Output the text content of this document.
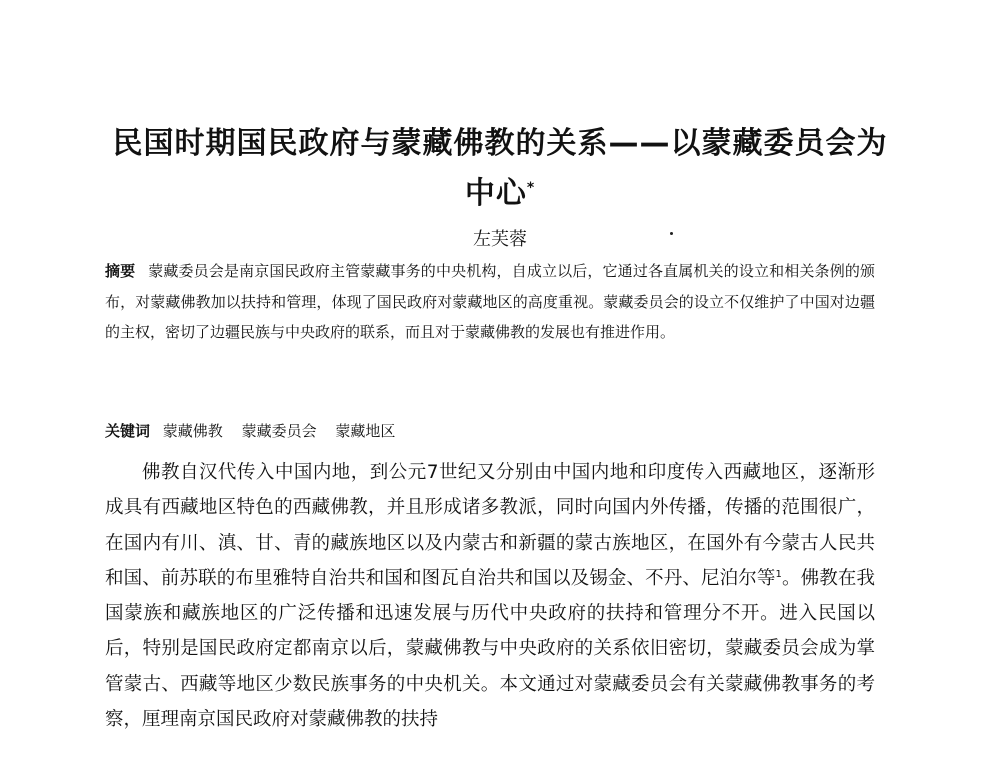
民国时期国民政府与蒙藏佛教的关系——以蒙藏委员会为
中心*
左芙蓉
摘要 蒙藏委员会是南京国民政府主管蒙藏事务的中央机构，自成立以后，它通过各直属机关的设立和相关条例的颁布，对蒙藏佛教加以扶持和管理，体现了国民政府对蒙藏地区的高度重视。蒙藏委员会的设立不仅维护了中国对边疆的主权，密切了边疆民族与中央政府的联系，而且对于蒙藏佛教的发展也有推进作用。
关键词 蒙藏佛教 蒙藏委员会 蒙藏地区

佛教自汉代传入中国内地，到公元7世纪又分别由中国内地和印度传入西藏地区，逐渐形成具有西藏地区特色的西藏佛教，并且形成诸多教派，同时向国内外传播，传播的范围很广，在国内有川、滇、甘、青的藏族地区以及内蒙古和新疆的蒙古族地区，在国外有今蒙古人民共和国、前苏联的布里雅特自治共和国和图瓦自治共和国以及锡金、不丹、尼泊尔等$^1$。佛教在我国蒙族和藏族地区的广泛传播和迅速发展与历代中央政府的扶持和管理分不开。进入民国以后，特别是国民政府定都南京以后，蒙藏佛教与中央政府的关系依旧密切，蒙藏委员会成为掌管蒙古、西藏等地区少数民族事务的中央机关。本文通过对蒙藏委员会有关蒙藏佛教事务的考察，厘理南京国民政府对蒙藏佛教的扶持
